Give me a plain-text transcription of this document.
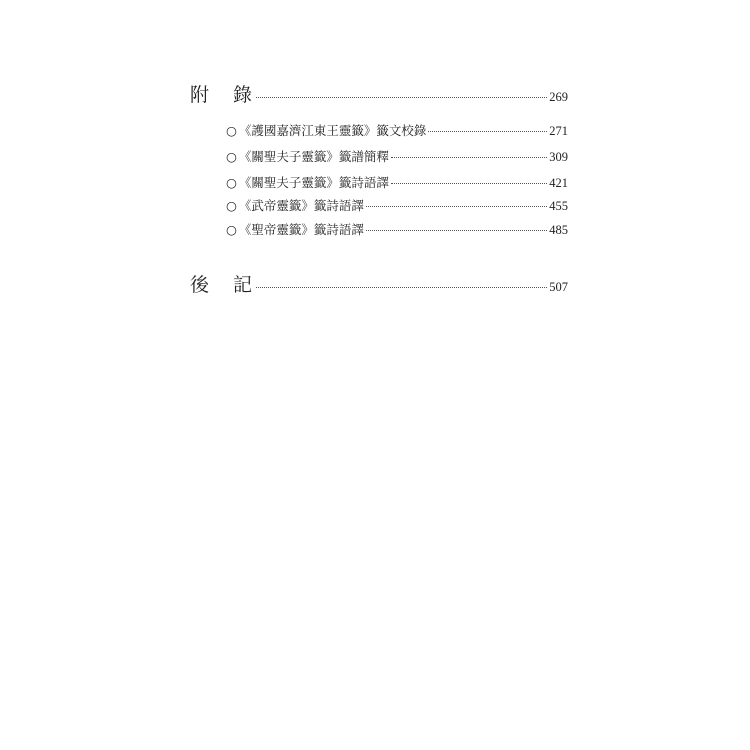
附錄	269
○ 《護國嘉濟江東王靈籤》籤文校錄	271
○ 《關聖夫子靈籤》籤譜簡釋	309
○ 《關聖夫子靈籤》籤詩語譯	421
○ 《武帝靈籤》籤詩語譯	455
○ 《聖帝靈籤》籤詩語譯	485
後記	507
